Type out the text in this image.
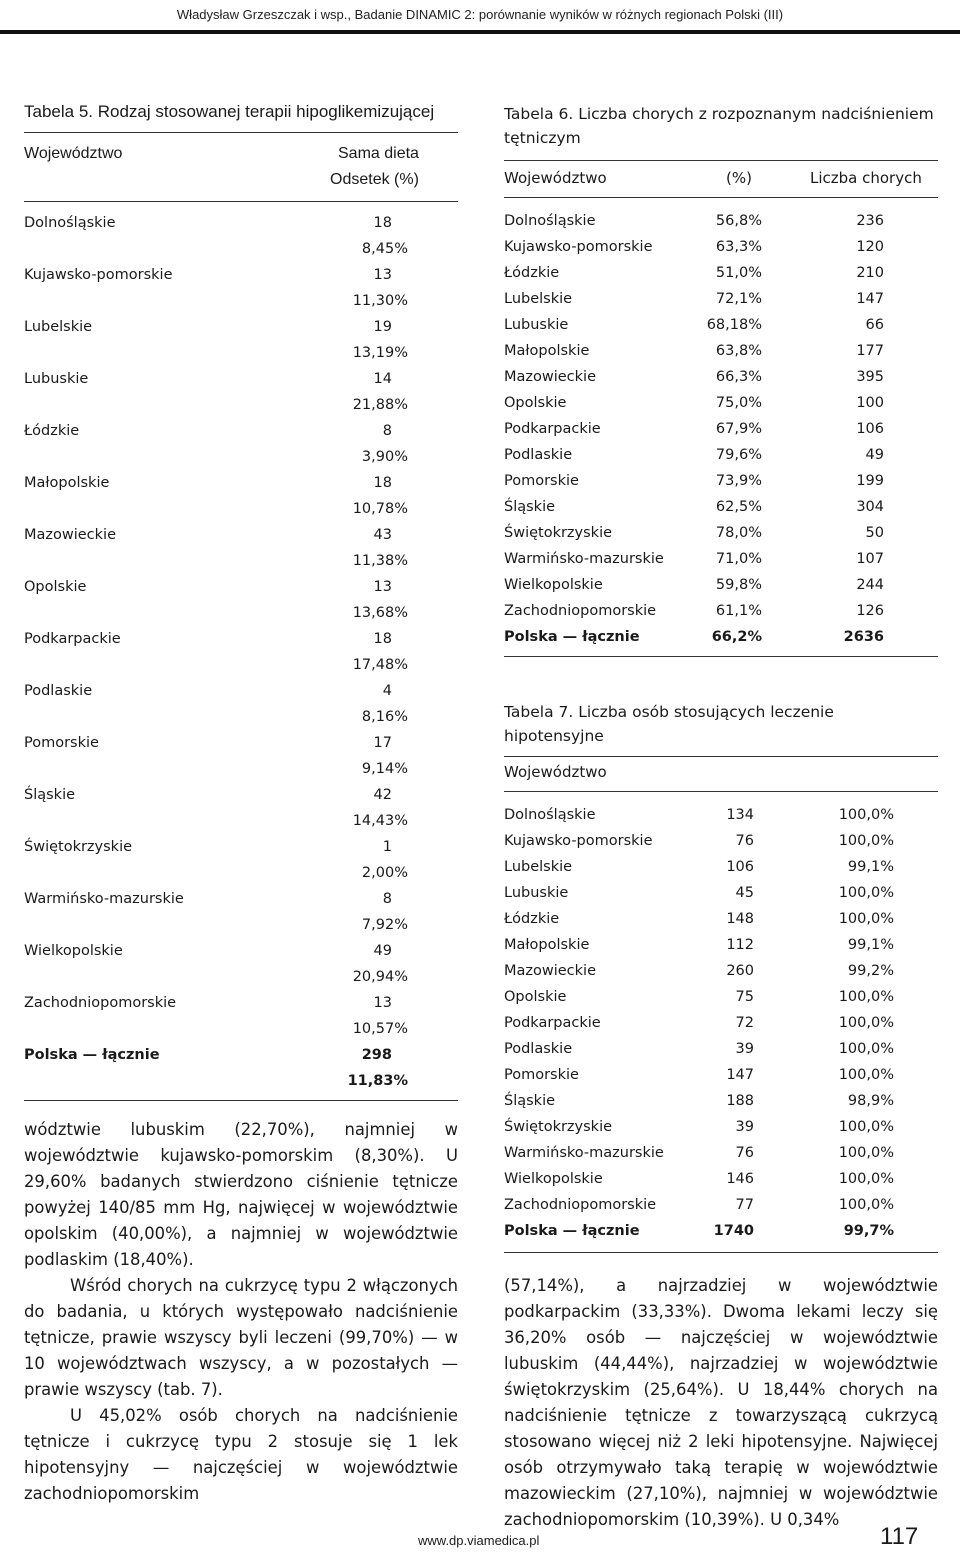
Władysław Grzeszczak i wsp., Badanie DINAMIC 2: porównanie wyników w różnych regionach Polski (III)
Tabela 5. Rodzaj stosowanej terapii hipoglikemizującej
Województwo	Sama dieta
Odsetek (%)
Dolnośląskie	18
8,45%
Kujawsko-pomorskie	13
11,30%
Lubelskie	19
13,19%
Lubuskie	14
21,88%
Łódzkie	8
3,90%
Małopolskie	18
10,78%
Mazowieckie	43
11,38%
Opolskie	13
13,68%
Podkarpackie	18
17,48%
Podlaskie	4
8,16%
Pomorskie	17
9,14%
Śląskie	42
14,43%
Świętokrzyskie	1
2,00%
Warmińsko-mazurskie	8
7,92%
Wielkopolskie	49
20,94%
Zachodniopomorskie	13
10,57%
Polska — łącznie	298
11,83%
Tabela 6. Liczba chorych z rozpoznanym nadciśnieniem tętniczym
Województwo	(%)	Liczba chorych
Dolnośląskie	56,8%	236
Kujawsko-pomorskie	63,3%	120
Łódzkie	51,0%	210
Lubelskie	72,1%	147
Lubuskie	68,18%	66
Małopolskie	63,8%	177
Mazowieckie	66,3%	395
Opolskie	75,0%	100
Podkarpackie	67,9%	106
Podlaskie	79,6%	49
Pomorskie	73,9%	199
Śląskie	62,5%	304
Świętokrzyskie	78,0%	50
Warmińsko-mazurskie	71,0%	107
Wielkopolskie	59,8%	244
Zachodniopomorskie	61,1%	126
Polska — łącznie	66,2%	2636
Tabela 7. Liczba osób stosujących leczenie hipotensyjne
Województwo
Dolnośląskie	134	100,0%
Kujawsko-pomorskie	76	100,0%
Lubelskie	106	99,1%
Lubuskie	45	100,0%
Łódzkie	148	100,0%
Małopolskie	112	99,1%
Mazowieckie	260	99,2%
Opolskie	75	100,0%
Podkarpackie	72	100,0%
Podlaskie	39	100,0%
Pomorskie	147	100,0%
Śląskie	188	98,9%
Świętokrzyskie	39	100,0%
Warmińsko-mazurskie	76	100,0%
Wielkopolskie	146	100,0%
Zachodniopomorskie	77	100,0%
Polska — łącznie	1740	99,7%

wództwie lubuskim (22,70%), najmniej w województwie kujawsko-pomorskim (8,30%). U 29,60% badanych stwierdzono ciśnienie tętnicze powyżej 140/85 mm Hg, najwięcej w województwie opolskim (40,00%), a najmniej w województwie podlaskim (18,40%).

Wśród chorych na cukrzycę typu 2 włączonych do badania, u których występowało nadciśnienie tętnicze, prawie wszyscy byli leczeni (99,70%) — w 10 województwach wszyscy, a w pozostałych — prawie wszyscy (tab. 7).

U 45,02% osób chorych na nadciśnienie tętnicze i cukrzycę typu 2 stosuje się 1 lek hipotensyjny — najczęściej w województwie zachodniopomorskim

(57,14%), a najrzadziej w województwie podkarpackim (33,33%). Dwoma lekami leczy się 36,20% osób — najczęściej w województwie lubuskim (44,44%), najrzadziej w województwie świętokrzyskim (25,64%). U 18,44% chorych na nadciśnienie tętnicze z towarzyszącą cukrzycą stosowano więcej niż 2 leki hipotensyjne. Najwięcej osób otrzymywało taką terapię w województwie mazowieckim (27,10%), najmniej w województwie zachodniopomorskim (10,39%). U 0,34%

www.dp.viamedica.pl	117
